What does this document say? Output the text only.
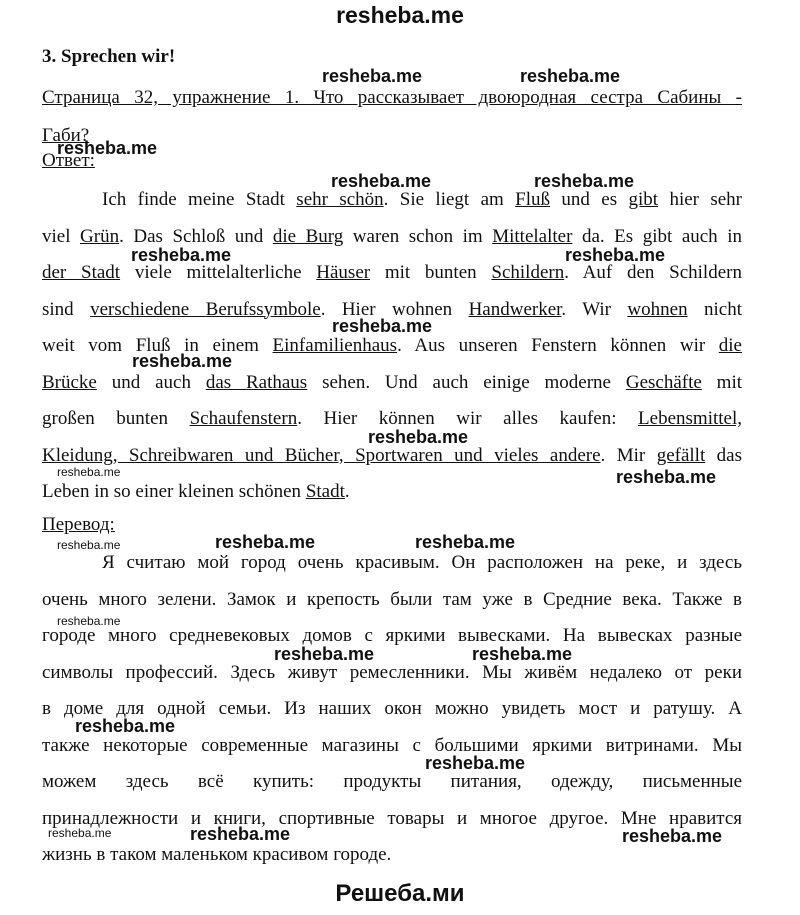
resheba.me
3. Sprechen wir!
Страница 32, упражнение 1. Что рассказывает двоюродная сестра Сабины -
Габи?
Ответ:
Ich finde meine Stadt sehr schön. Sie liegt am Fluß und es gibt hier sehr
viel Grün. Das Schloß und die Burg waren schon im Mittelalter da. Es gibt auch in
der Stadt viele mittelalterliche Häuser mit bunten Schildern. Auf den Schildern
sind verschiedene Berufssymbole. Hier wohnen Handwerker. Wir wohnen nicht
weit vom Fluß in einem Einfamilienhaus. Aus unseren Fenstern können wir die
Brücke und auch das Rathaus sehen. Und auch einige moderne Geschäfte mit
großen bunten Schaufenstern. Hier können wir alles kaufen: Lebensmittel,
Kleidung, Schreibwaren und Bücher, Sportwaren und vieles andere. Mir gefällt das
Leben in so einer kleinen schönen Stadt.
Перевод:
Я считаю мой город очень красивым. Он расположен на реке, и здесь
очень много зелени. Замок и крепость были там уже в Средние века. Также в
городе много средневековых домов с яркими вывесками. На вывесках разные
символы профессий. Здесь живут ремесленники. Мы живём недалеко от реки
в доме для одной семьи. Из наших окон можно увидеть мост и ратушу. А
также некоторые современные магазины с большими яркими витринами. Мы
можем здесь всё купить: продукты питания, одежду, письменные
принадлежности и книги, спортивные товары и многое другое. Мне нравится
жизнь в таком маленьком красивом городе.
resheba.me	resheba.me
resheba.me
resheba.me	resheba.me
resheba.me	resheba.me
resheba.me
resheba.me
resheba.me
resheba.me	resheba.me
resheba.me	resheba.me	resheba.me
resheba.me
resheba.me	resheba.me
resheba.me
resheba.me
resheba.me	resheba.me	resheba.me
Решеба.ми
